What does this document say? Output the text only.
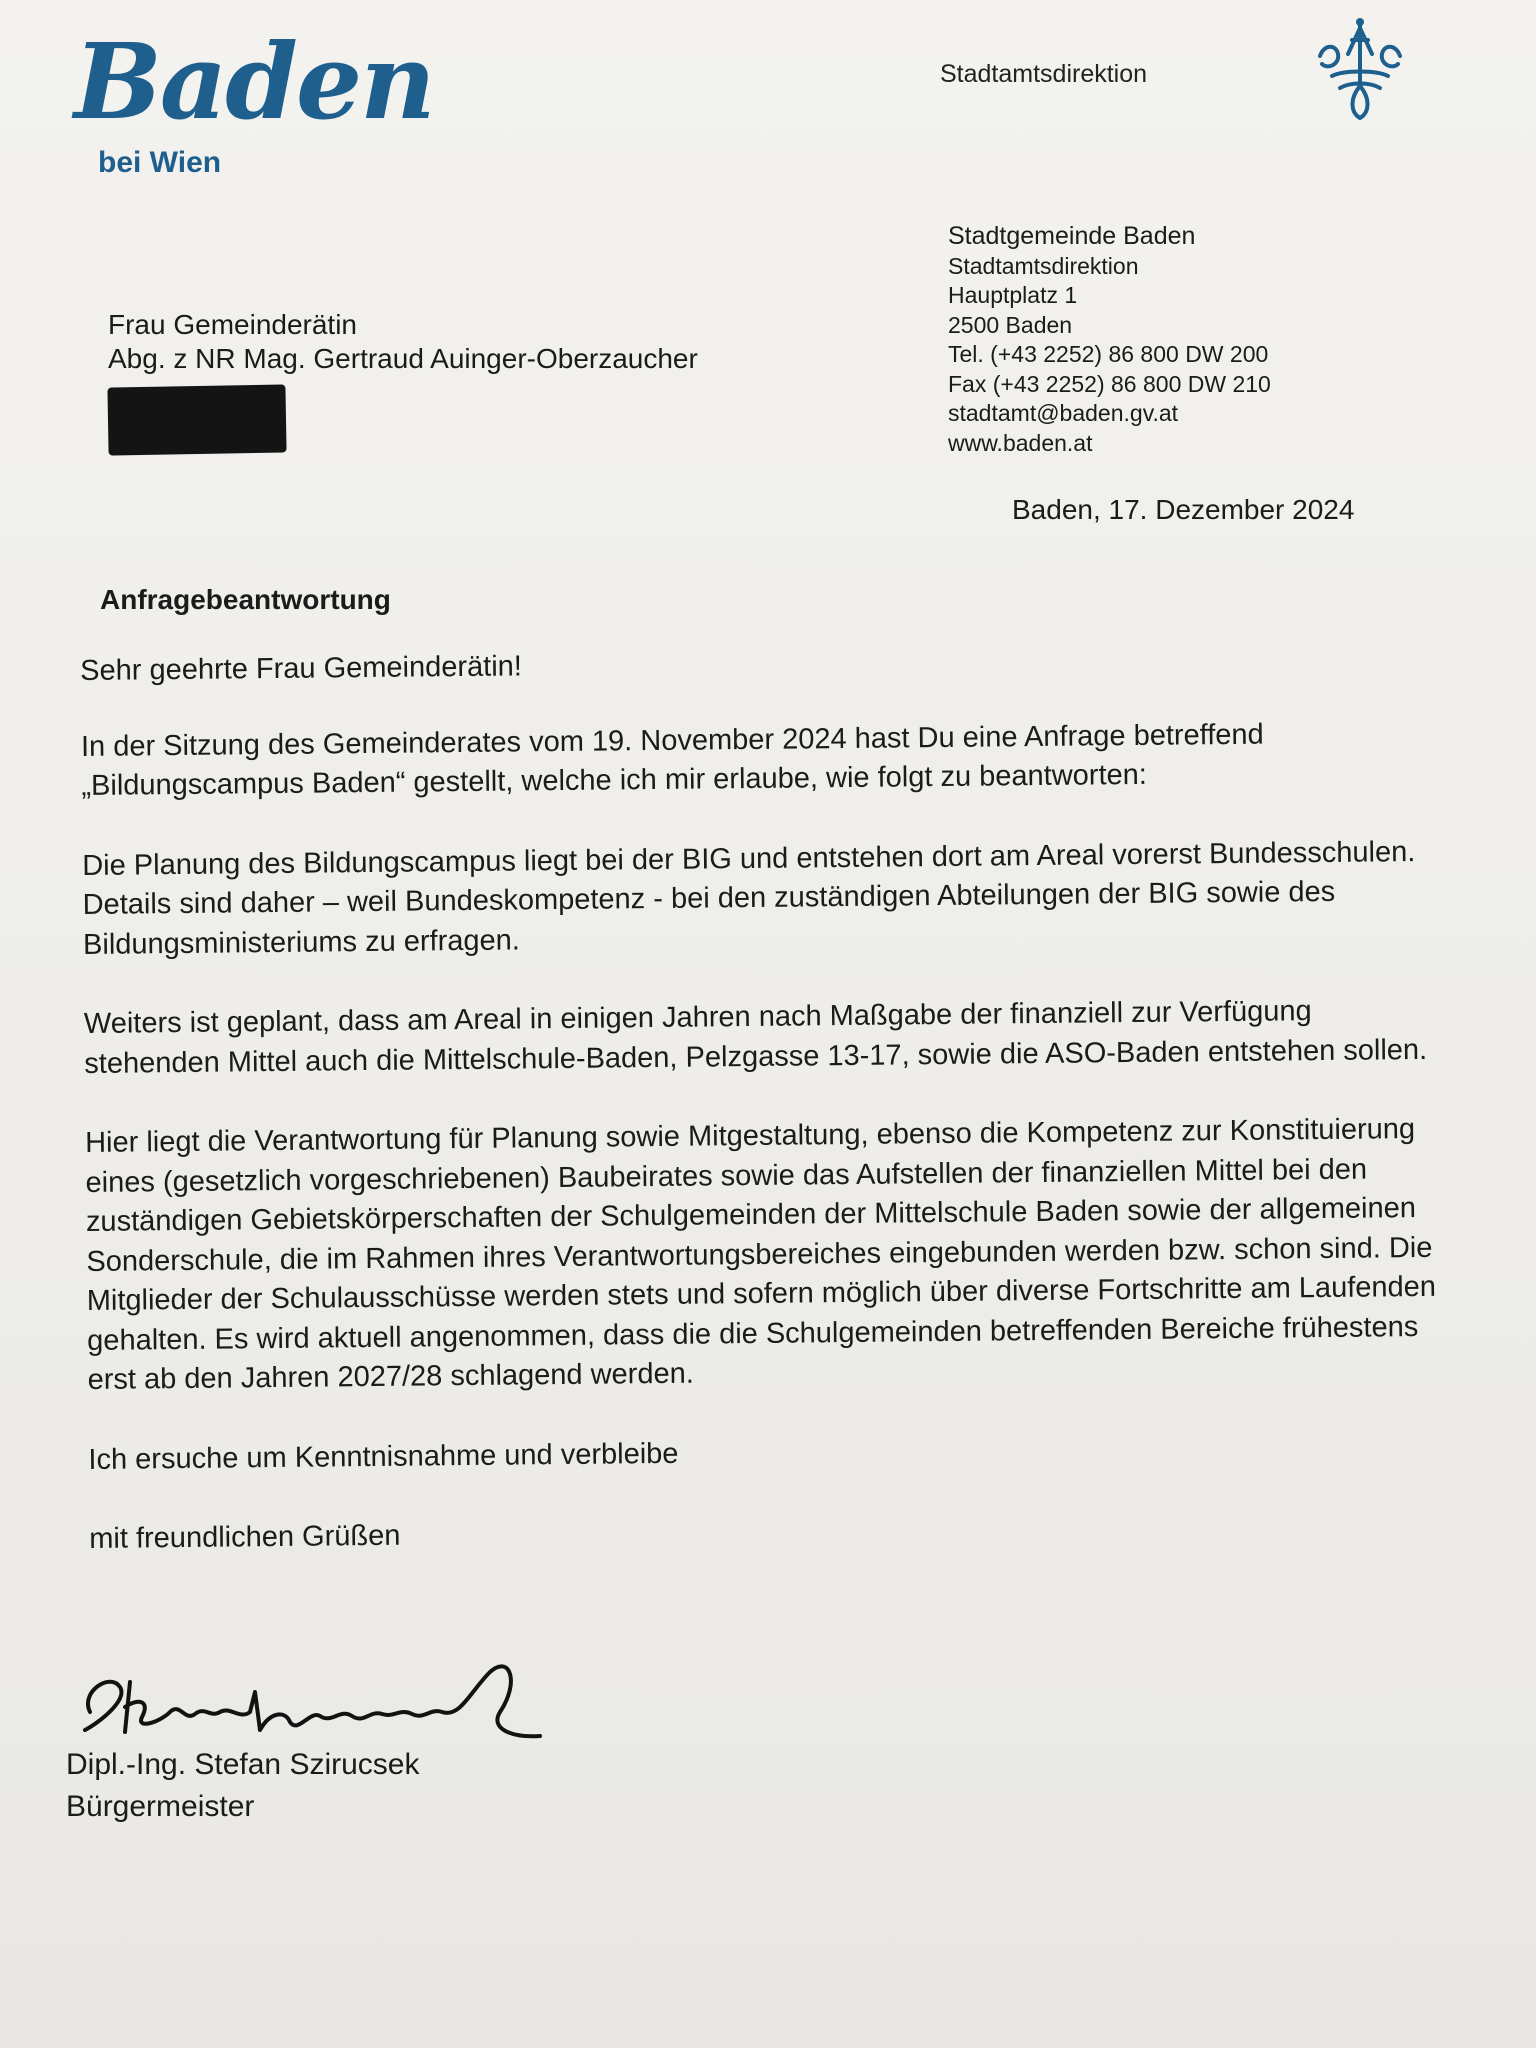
Baden
bei Wien
Stadtamtsdirektion
Frau Gemeinderätin
Abg. z NR Mag. Gertraud Auinger-Oberzaucher
Stadtgemeinde Baden
Stadtamtsdirektion
Hauptplatz 1
2500 Baden
Tel. (+43 2252) 86 800 DW 200
Fax (+43 2252) 86 800 DW 210
stadtamt@baden.gv.at
www.baden.at
Baden, 17. Dezember 2024
Anfragebeantwortung

Sehr geehrte Frau Gemeinderätin!

In der Sitzung des Gemeinderates vom 19. November 2024 hast Du eine Anfrage betreffend „Bildungscampus Baden“ gestellt, welche ich mir erlaube, wie folgt zu beantworten:

Die Planung des Bildungscampus liegt bei der BIG und entstehen dort am Areal vorerst Bundesschulen. Details sind daher – weil Bundeskompetenz - bei den zuständigen Abteilungen der BIG sowie des Bildungsministeriums zu erfragen.

Weiters ist geplant, dass am Areal in einigen Jahren nach Maßgabe der finanziell zur Verfügung stehenden Mittel auch die Mittelschule-Baden, Pelzgasse 13-17, sowie die ASO-Baden entstehen sollen.

Hier liegt die Verantwortung für Planung sowie Mitgestaltung, ebenso die Kompetenz zur Konstituierung eines (gesetzlich vorgeschriebenen) Baubeirates sowie das Aufstellen der finanziellen Mittel bei den zuständigen Gebietskörperschaften der Schulgemeinden der Mittelschule Baden sowie der allgemeinen Sonderschule, die im Rahmen ihres Verantwortungsbereiches eingebunden werden bzw. schon sind. Die Mitglieder der Schulausschüsse werden stets und sofern möglich über diverse Fortschritte am Laufenden gehalten. Es wird aktuell angenommen, dass die die Schulgemeinden betreffenden Bereiche frühestens erst ab den Jahren 2027/28 schlagend werden.

Ich ersuche um Kenntnisnahme und verbleibe

mit freundlichen Grüßen

Dipl.-Ing. Stefan Szirucsek
Bürgermeister
